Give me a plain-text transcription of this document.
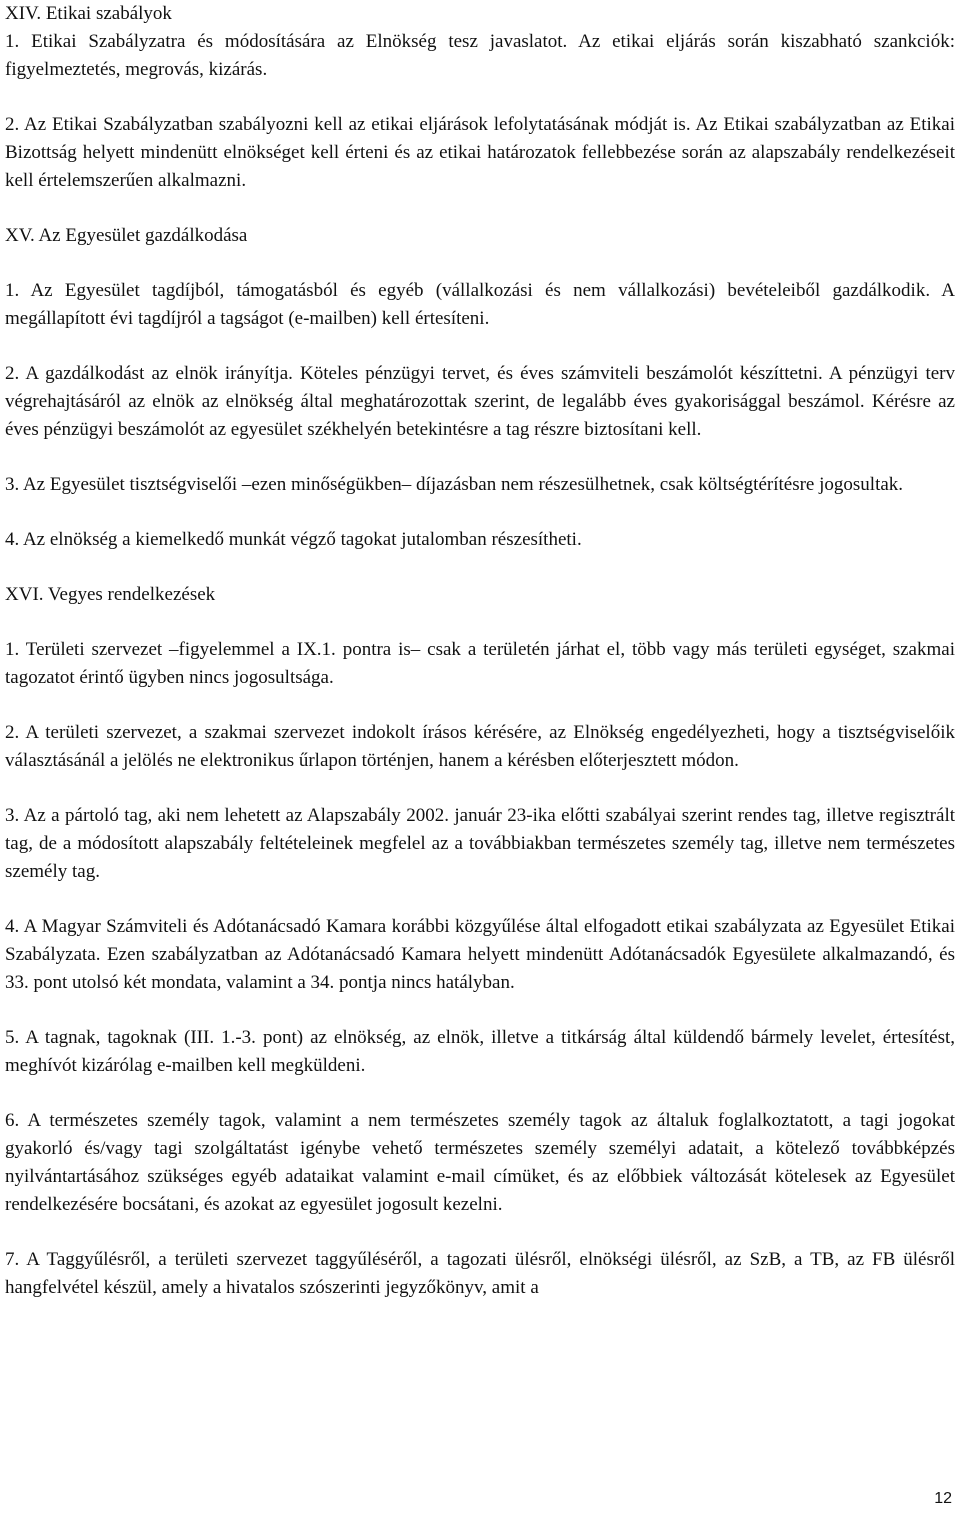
XIV. Etikai szabályok

1. Etikai Szabályzatra és módosítására az Elnökség tesz javaslatot. Az etikai eljárás során kiszabható szankciók: figyelmeztetés, megrovás, kizárás.

2. Az Etikai Szabályzatban szabályozni kell az etikai eljárások lefolytatásának módját is. Az Etikai szabályzatban az Etikai Bizottság helyett mindenütt elnökséget kell érteni és az etikai határozatok fellebbezése során az alapszabály rendelkezéseit kell értelemszerűen alkalmazni.

XV. Az Egyesület gazdálkodása

1. Az Egyesület tagdíjból, támogatásból és egyéb (vállalkozási és nem vállalkozási) bevételeiből gazdálkodik. A megállapított évi tagdíjról a tagságot (e-mailben) kell értesíteni.

2. A gazdálkodást az elnök irányítja. Köteles pénzügyi tervet, és éves számviteli beszámolót készíttetni. A pénzügyi terv végrehajtásáról az elnök az elnökség által meghatározottak szerint, de legalább éves gyakorisággal beszámol. Kérésre az éves pénzügyi beszámolót az egyesület székhelyén betekintésre a tag részre biztosítani kell.

3. Az Egyesület tisztségviselői –ezen minőségükben– díjazásban nem részesülhetnek, csak költségtérítésre jogosultak.

4. Az elnökség a kiemelkedő munkát végző tagokat jutalomban részesítheti.

XVI. Vegyes rendelkezések

1. Területi szervezet –figyelemmel a IX.1. pontra is– csak a területén járhat el, több vagy más területi egységet, szakmai tagozatot érintő ügyben nincs jogosultsága.

2. A területi szervezet, a szakmai szervezet indokolt írásos kérésére, az Elnökség engedélyezheti, hogy a tisztségviselőik választásánál a jelölés ne elektronikus űrlapon történjen, hanem a kérésben előterjesztett módon.

3. Az a pártoló tag, aki nem lehetett az Alapszabály 2002. január 23-ika előtti szabályai szerint rendes tag, illetve regisztrált tag, de a módosított alapszabály feltételeinek megfelel az a továbbiakban természetes személy tag, illetve nem természetes személy tag.

4. A Magyar Számviteli és Adótanácsadó Kamara korábbi közgyűlése által elfogadott etikai szabályzata az Egyesület Etikai Szabályzata. Ezen szabályzatban az Adótanácsadó Kamara helyett mindenütt Adótanácsadók Egyesülete alkalmazandó, és 33. pont utolsó két mondata, valamint a 34. pontja nincs hatályban.

5. A tagnak, tagoknak (III. 1.-3. pont) az elnökség, az elnök, illetve a titkárság által küldendő bármely levelet, értesítést, meghívót kizárólag e-mailben kell megküldeni.

6. A természetes személy tagok, valamint a nem természetes személy tagok az általuk foglalkoztatott, a tagi jogokat gyakorló és/vagy tagi szolgáltatást igénybe vehető természetes személy személyi adatait, a kötelező továbbképzés nyilvántartásához szükséges egyéb adataikat valamint e-mail címüket, és az előbbiek változását kötelesek az Egyesület rendelkezésére bocsátani, és azokat az egyesület jogosult kezelni.

7. A Taggyűlésről, a területi szervezet taggyűléséről, a tagozati ülésről, elnökségi ülésről, az SzB, a TB, az FB ülésről hangfelvétel készül, amely a hivatalos szószerinti jegyzőkönyv, amit a

12
